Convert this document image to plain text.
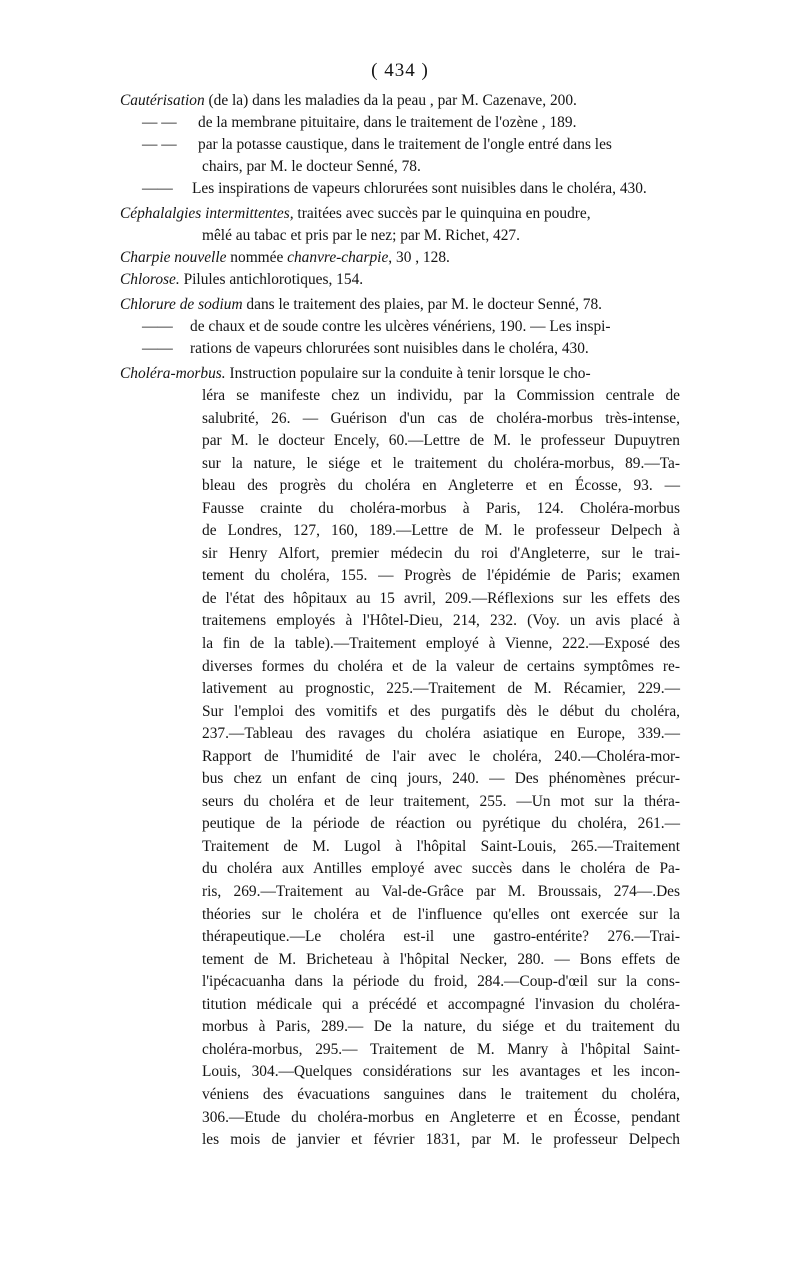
( 434 )
Cautérisation (de la) dans les maladies da la peau , par M. Cazenave, 200.
— — de la membrane pituitaire, dans le traitement de l'ozène , 189.
— — par la potasse caustique, dans le traitement de l'ongle entré dans les
chairs, par M. le docteur Senné, 78.
—— Les inspirations de vapeurs chlorurées sont nuisibles dans le choléra, 430.
Céphalalgies intermittentes, traitées avec succès par le quinquina en poudre,
mêlé au tabac et pris par le nez; par M. Richet, 427.
Charpie nouvelle nommée chanvre-charpie, 30 , 128.
Chlorose. Pilules antichlorotiques, 154.
Chlorure de sodium dans le traitement des plaies, par M. le docteur Senné, 78.
—— de chaux et de soude contre les ulcères vénériens, 190. — Les inspi-
—— rations de vapeurs chlorurées sont nuisibles dans le choléra, 430.
Choléra-morbus. Instruction populaire sur la conduite à tenir lorsque le cho-
léra se manifeste chez un individu, par la Commission centrale de
salubrité, 26. — Guérison d'un cas de choléra-morbus très-intense,
par M. le docteur Encely, 60.—Lettre de M. le professeur Dupuytren
sur la nature, le siége et le traitement du choléra-morbus, 89.—Ta-
bleau des progrès du choléra en Angleterre et en Écosse, 93. —
Fausse crainte du choléra-morbus à Paris, 124. Choléra-morbus
de Londres, 127, 160, 189.—Lettre de M. le professeur Delpech à
sir Henry Alfort, premier médecin du roi d'Angleterre, sur le trai-
tement du choléra, 155. — Progrès de l'épidémie de Paris; examen
de l'état des hôpitaux au 15 avril, 209.—Réflexions sur les effets des
traitemens employés à l'Hôtel-Dieu, 214, 232. (Voy. un avis placé à
la fin de la table).—Traitement employé à Vienne, 222.—Exposé des
diverses formes du choléra et de la valeur de certains symptômes re-
lativement au prognostic, 225.—Traitement de M. Récamier, 229.—
Sur l'emploi des vomitifs et des purgatifs dès le début du choléra,
237.—Tableau des ravages du choléra asiatique en Europe, 339.—
Rapport de l'humidité de l'air avec le choléra, 240.—Choléra-mor-
bus chez un enfant de cinq jours, 240. — Des phénomènes précur-
seurs du choléra et de leur traitement, 255. —Un mot sur la théra-
peutique de la période de réaction ou pyrétique du choléra, 261.—
Traitement de M. Lugol à l'hôpital Saint-Louis, 265.—Traitement
du choléra aux Antilles employé avec succès dans le choléra de Pa-
ris, 269.—Traitement au Val-de-Grâce par M. Broussais, 274—.Des
théories sur le choléra et de l'influence qu'elles ont exercée sur la
thérapeutique.—Le choléra est-il une gastro-entérite? 276.—Trai-
tement de M. Bricheteau à l'hôpital Necker, 280. — Bons effets de
l'ipécacuanha dans la période du froid, 284.—Coup-d'œil sur la cons-
titution médicale qui a précédé et accompagné l'invasion du choléra-
morbus à Paris, 289.— De la nature, du siége et du traitement du
choléra-morbus, 295.— Traitement de M. Manry à l'hôpital Saint-
Louis, 304.—Quelques considérations sur les avantages et les incon-
véniens des évacuations sanguines dans le traitement du choléra,
306.—Etude du choléra-morbus en Angleterre et en Écosse, pendant
les mois de janvier et février 1831, par M. le professeur Delpech
